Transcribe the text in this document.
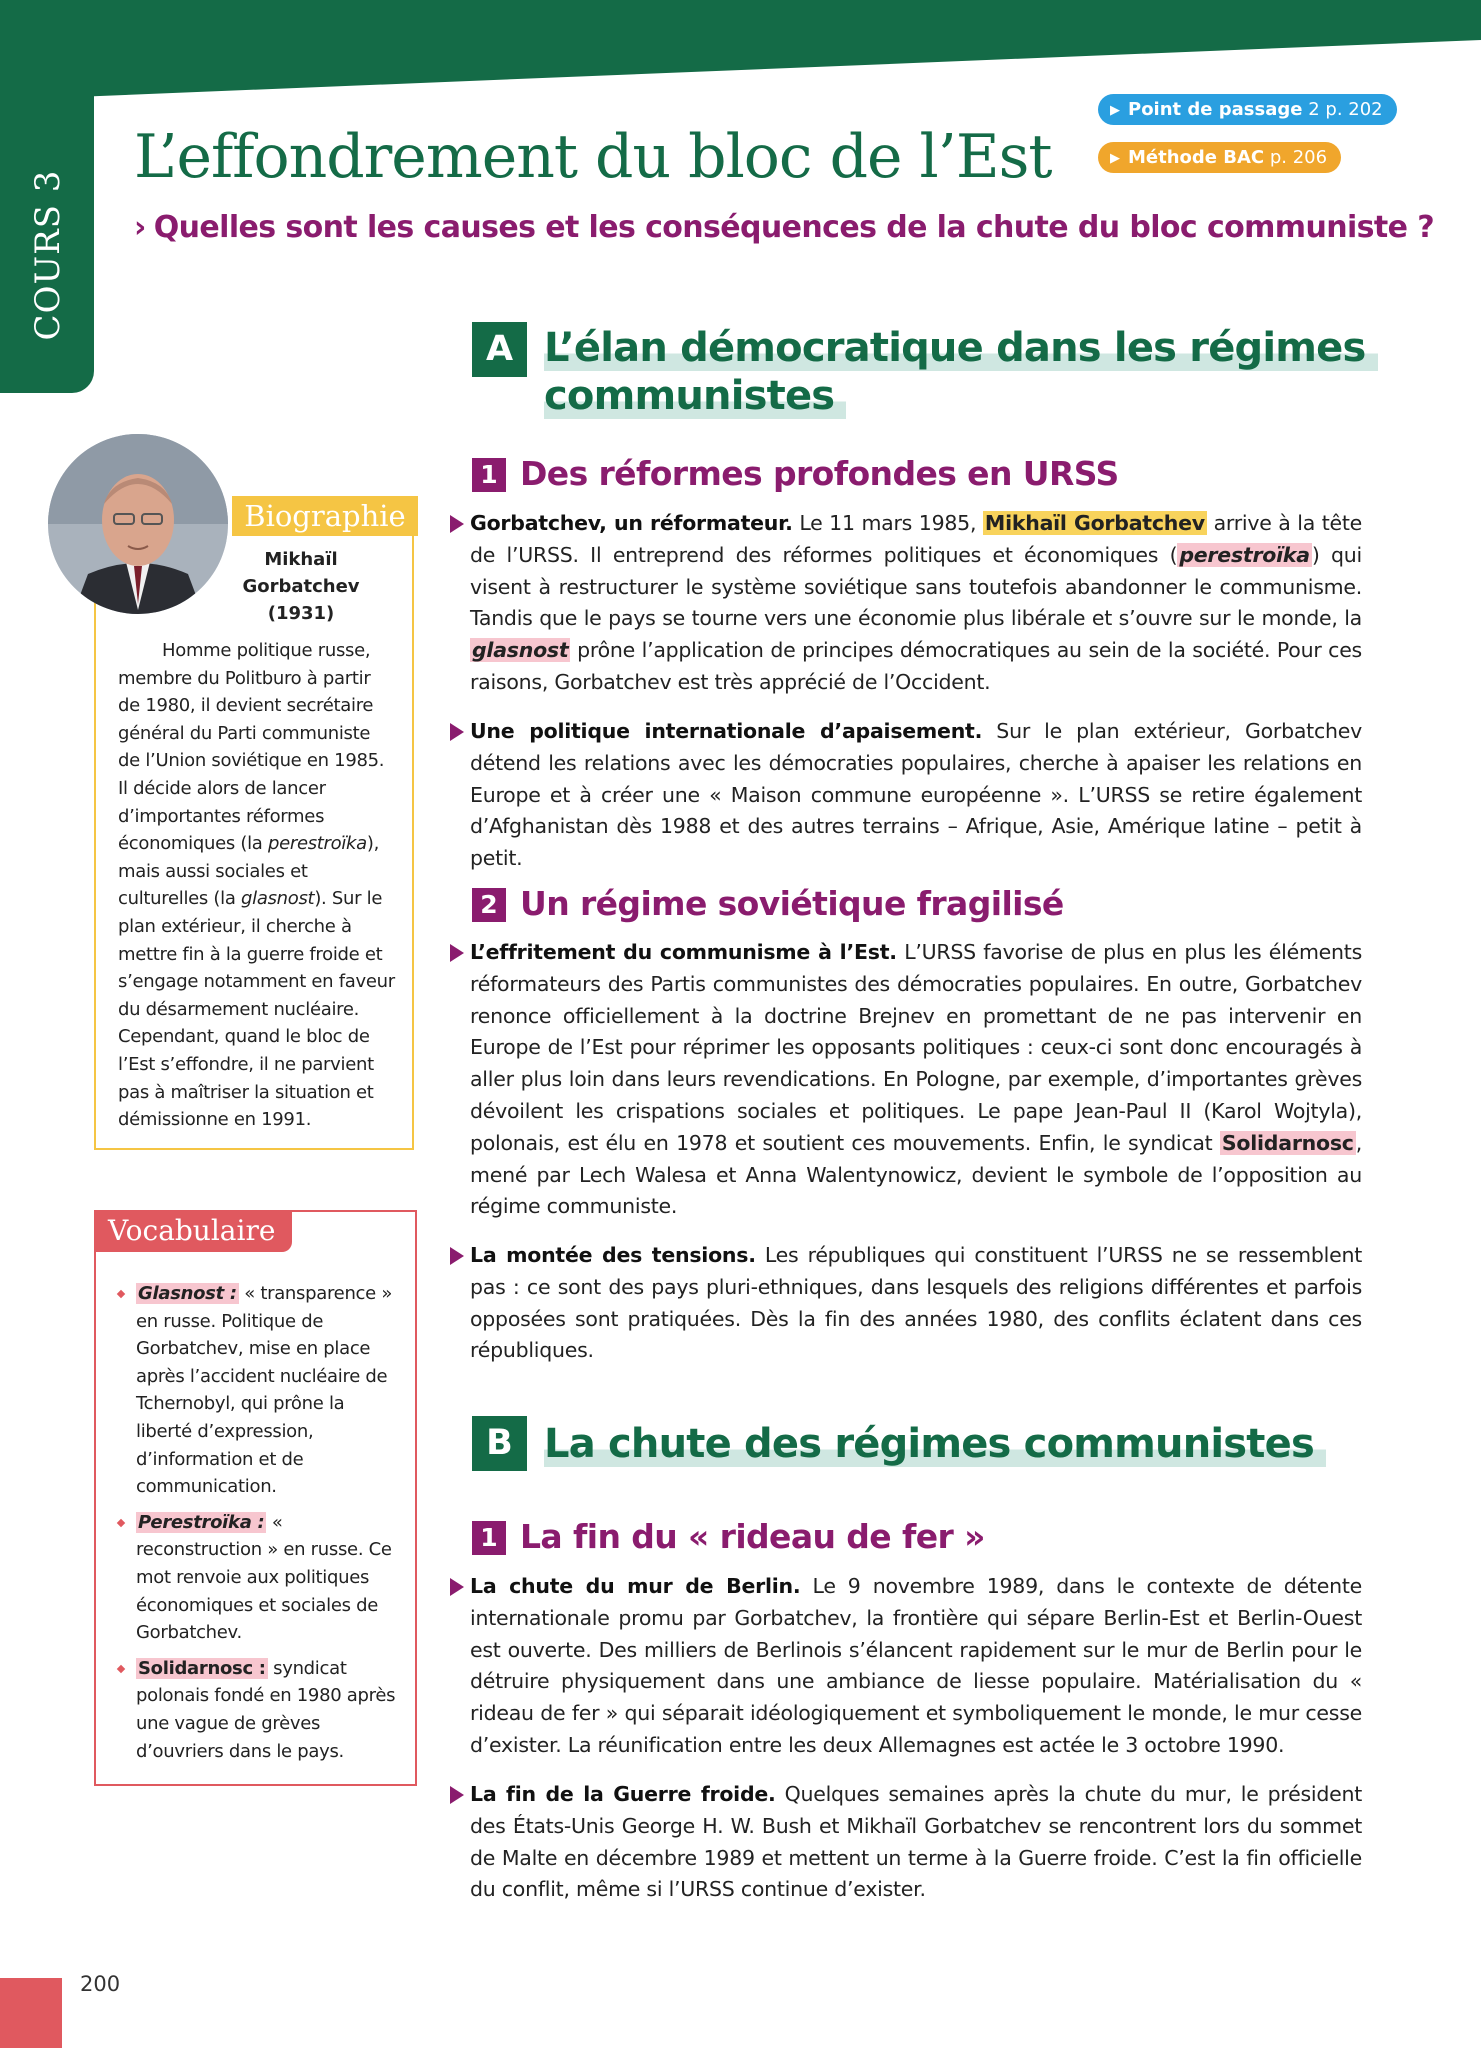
COURS 3
L’effondrement du bloc de l’Est
› Quelles sont les causes et les conséquences de la chute du bloc communiste ?
▶ Point de passage 2 p. 202
▶ Méthode BAC p. 206
Biographie
Mikhaïl
Gorbatchev
(1931)
Homme politique russe, membre du Politburo à partir de 1980, il devient secrétaire général du Parti communiste de l’Union soviétique en 1985. Il décide alors de lancer d’importantes réformes économiques (la perestroïka), mais aussi sociales et culturelles (la glasnost). Sur le plan extérieur, il cherche à mettre fin à la guerre froide et s’engage notamment en faveur du désarmement nucléaire. Cependant, quand le bloc de l’Est s’effondre, il ne parvient pas à maîtriser la situation et démissionne en 1991.
Vocabulaire
Glasnost : « transparence » en russe. Politique de Gorbatchev, mise en place après l’accident nucléaire de Tchernobyl, qui prône la liberté d’expression, d’information et de communication.
Perestroïka : « reconstruction » en russe. Ce mot renvoie aux politiques économiques et sociales de Gorbatchev.
Solidarnosc : syndicat polonais fondé en 1980 après une vague de grèves d’ouvriers dans le pays.
A L’élan démocratique dans les régimes
communistes
1 Des réformes profondes en URSS

Gorbatchev, un réformateur. Le 11 mars 1985, Mikhaïl Gorbatchev arrive à la tête de l’URSS. Il entreprend des réformes politiques et économiques (perestroïka) qui visent à restructurer le système soviétique sans toutefois abandonner le communisme. Tandis que le pays se tourne vers une économie plus libérale et s’ouvre sur le monde, la glasnost prône l’application de principes démocratiques au sein de la société. Pour ces raisons, Gorbatchev est très apprécié de l’Occident.

Une politique internationale d’apaisement. Sur le plan extérieur, Gorbatchev détend les relations avec les démocraties populaires, cherche à apaiser les relations en Europe et à créer une « Maison commune européenne ». L’URSS se retire également d’Afghanistan dès 1988 et des autres terrains – Afrique, Asie, Amérique latine – petit à petit.

2 Un régime soviétique fragilisé

L’effritement du communisme à l’Est. L’URSS favorise de plus en plus les éléments réformateurs des Partis communistes des démocraties populaires. En outre, Gorbatchev renonce officiellement à la doctrine Brejnev en promettant de ne pas intervenir en Europe de l’Est pour réprimer les opposants politiques : ceux-ci sont donc encouragés à aller plus loin dans leurs revendications. En Pologne, par exemple, d’importantes grèves dévoilent les crispations sociales et politiques. Le pape Jean-Paul II (Karol Wojtyla), polonais, est élu en 1978 et soutient ces mouvements. Enfin, le syndicat Solidarnosc, mené par Lech Walesa et Anna Walentynowicz, devient le symbole de l’opposition au régime communiste.

La montée des tensions. Les républiques qui constituent l’URSS ne se ressemblent pas : ce sont des pays pluri-ethniques, dans lesquels des religions différentes et parfois opposées sont pratiquées. Dès la fin des années 1980, des conflits éclatent dans ces républiques.

B La chute des régimes communistes
1 La fin du « rideau de fer »

La chute du mur de Berlin. Le 9 novembre 1989, dans le contexte de détente internationale promu par Gorbatchev, la frontière qui sépare Berlin-Est et Berlin-Ouest est ouverte. Des milliers de Berlinois s’élancent rapidement sur le mur de Berlin pour le détruire physiquement dans une ambiance de liesse populaire. Matérialisation du « rideau de fer » qui séparait idéologiquement et symboliquement le monde, le mur cesse d’exister. La réunification entre les deux Allemagnes est actée le 3 octobre 1990.

La fin de la Guerre froide. Quelques semaines après la chute du mur, le président des États-Unis George H. W. Bush et Mikhaïl Gorbatchev se rencontrent lors du sommet de Malte en décembre 1989 et mettent un terme à la Guerre froide. C’est la fin officielle du conflit, même si l’URSS continue d’exister.

200
